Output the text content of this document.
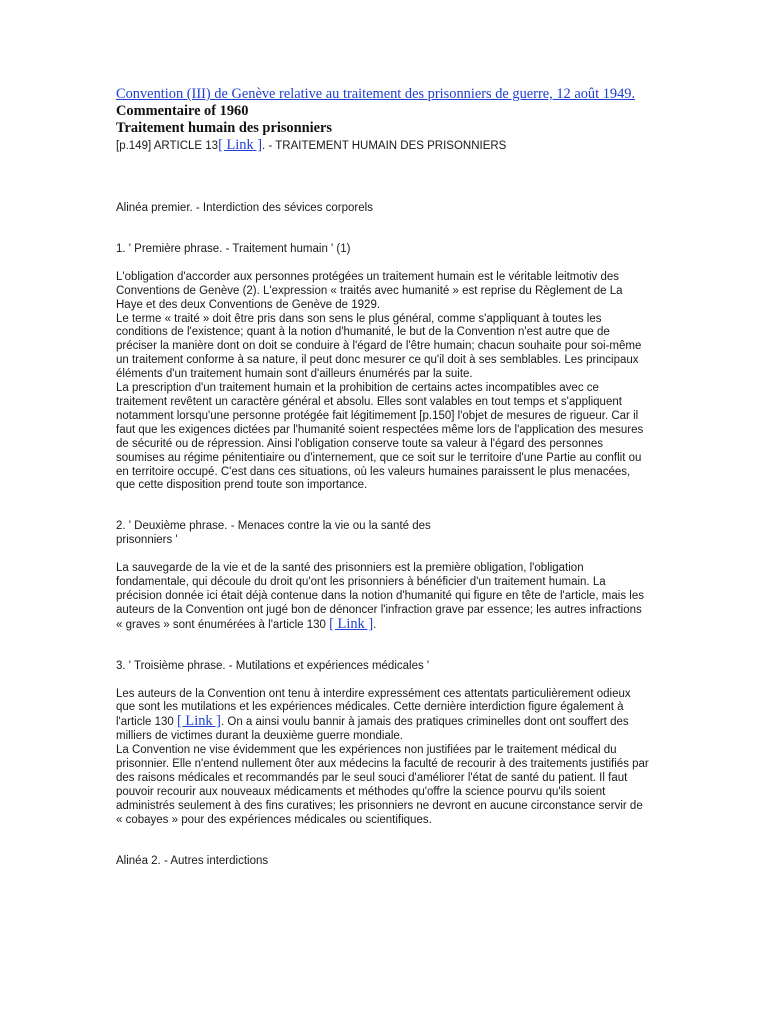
Convention (III) de Genève relative au traitement des prisonniers de guerre, 12 août 1949.
Commentaire of 1960
Traitement humain des prisonniers
[p.149] ARTICLE 13[ Link ]. - TRAITEMENT HUMAIN DES PRISONNIERS
Alinéa premier. - Interdiction des sévices corporels
1. ' Première phrase. - Traitement humain ' (1)

L'obligation d'accorder aux personnes protégées un traitement humain est le véritable leitmotiv des Conventions de Genève (2). L'expression « traités avec humanité » est reprise du Règlement de La Haye et des deux Conventions de Genève de 1929.

Le terme « traité » doit être pris dans son sens le plus général, comme s'appliquant à toutes les conditions de l'existence; quant à la notion d'humanité, le but de la Convention n'est autre que de préciser la manière dont on doit se conduire à l'égard de l'être humain; chacun souhaite pour soi-même un traitement conforme à sa nature, il peut donc mesurer ce qu'il doit à ses semblables. Les principaux éléments d'un traitement humain sont d'ailleurs énumérés par la suite.

La prescription d'un traitement humain et la prohibition de certains actes incompatibles avec ce traitement revêtent un caractère général et absolu. Elles sont valables en tout temps et s'appliquent notamment lorsqu'une personne protégée fait légitimement [p.150] l'objet de mesures de rigueur. Car il faut que les exigences dictées par l'humanité soient respectées même lors de l'application des mesures de sécurité ou de répression. Ainsi l'obligation conserve toute sa valeur à l'égard des personnes soumises au régime pénitentiaire ou d'internement, que ce soit sur le territoire d'une Partie au conflit ou en territoire occupé. C'est dans ces situations, où les valeurs humaines paraissent le plus menacées, que cette disposition prend toute son importance.

2. ' Deuxième phrase. - Menaces contre la vie ou la santé des
prisonniers '

La sauvegarde de la vie et de la santé des prisonniers est la première obligation, l'obligation fondamentale, qui découle du droit qu'ont les prisonniers à bénéficier d'un traitement humain. La précision donnée ici était déjà contenue dans la notion d'humanité qui figure en tête de l'article, mais les auteurs de la Convention ont jugé bon de dénoncer l'infraction grave par essence; les autres infractions « graves » sont énumérées à l'article 130 [ Link ].

3. ' Troisième phrase. - Mutilations et expériences médicales '

Les auteurs de la Convention ont tenu à interdire expressément ces attentats particulièrement odieux que sont les mutilations et les expériences médicales. Cette dernière interdiction figure également à l'article 130 [ Link ]. On a ainsi voulu bannir à jamais des pratiques criminelles dont ont souffert des milliers de victimes durant la deuxième guerre mondiale.

La Convention ne vise évidemment que les expériences non justifiées par le traitement médical du prisonnier. Elle n'entend nullement ôter aux médecins la faculté de recourir à des traitements justifiés par des raisons médicales et recommandés par le seul souci d'améliorer l'état de santé du patient. Il faut pouvoir recourir aux nouveaux médicaments et méthodes qu'offre la science pourvu qu'ils soient administrés seulement à des fins curatives; les prisonniers ne devront en aucune circonstance servir de « cobayes » pour des expériences médicales ou scientifiques.

Alinéa 2. - Autres interdictions
